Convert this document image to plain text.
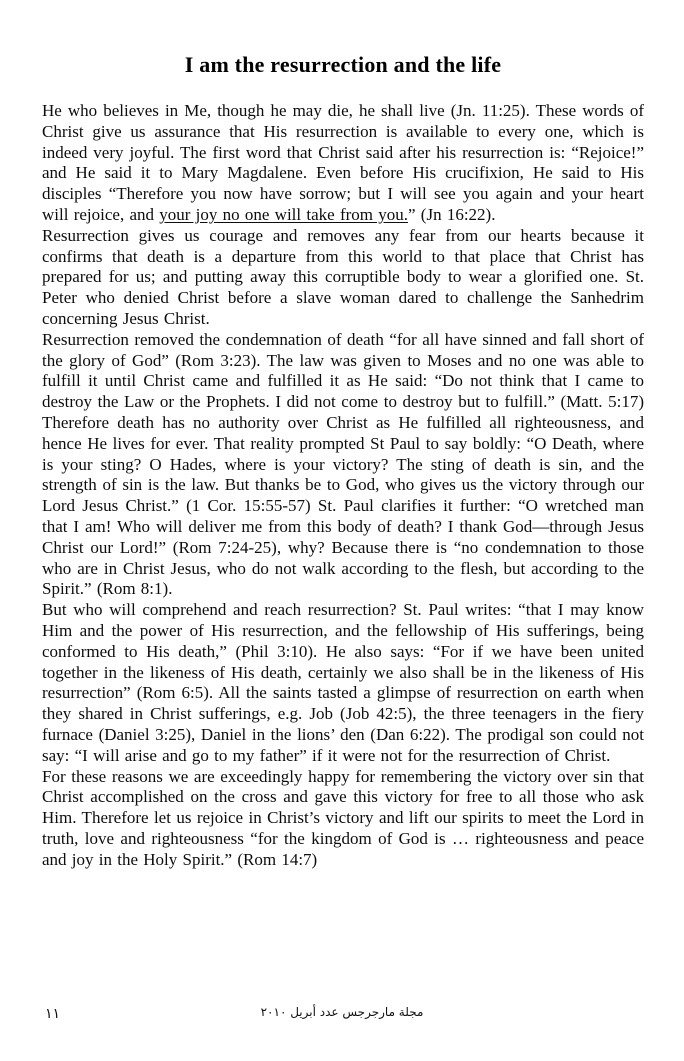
I am the resurrection and the life

He who believes in Me, though he may die, he shall live (Jn. 11:25). These words of Christ give us assurance that His resurrection is available to every one, which is indeed very joyful. The first word that Christ said after his resurrection is: “Rejoice!” and He said it to Mary Magdalene. Even before His crucifixion, He said to His disciples “Therefore you now have sorrow; but I will see you again and your heart will rejoice, and your joy no one will take from you.” (Jn 16:22).

Resurrection gives us courage and removes any fear from our hearts because it confirms that death is a departure from this world to that place that Christ has prepared for us; and putting away this corruptible body to wear a glorified one. St. Peter who denied Christ before a slave woman dared to challenge the Sanhedrim concerning Jesus Christ.

Resurrection removed the condemnation of death “for all have sinned and fall short of the glory of God” (Rom 3:23). The law was given to Moses and no one was able to fulfill it until Christ came and fulfilled it as He said: “Do not think that I came to destroy the Law or the Prophets. I did not come to destroy but to fulfill.” (Matt. 5:17) Therefore death has no authority over Christ as He fulfilled all righteousness, and hence He lives for ever. That reality prompted St Paul to say boldly: “O Death, where is your sting? O Hades, where is your victory? The sting of death is sin, and the strength of sin is the law. But thanks be to God, who gives us the victory through our Lord Jesus Christ.” (1 Cor. 15:55-57) St. Paul clarifies it further: “O wretched man that I am! Who will deliver me from this body of death? I thank God—through Jesus Christ our Lord!” (Rom 7:24-25), why? Because there is “no condemnation to those who are in Christ Jesus, who do not walk according to the flesh, but according to the Spirit.” (Rom 8:1).

But who will comprehend and reach resurrection? St. Paul writes: “that I may know Him and the power of His resurrection, and the fellowship of His sufferings, being conformed to His death,” (Phil 3:10). He also says: “For if we have been united together in the likeness of His death, certainly we also shall be in the likeness of His resurrection” (Rom 6:5). All the saints tasted a glimpse of resurrection on earth when they shared in Christ sufferings, e.g. Job (Job 42:5), the three teenagers in the fiery furnace (Daniel 3:25), Daniel in the lions’ den (Dan 6:22). The prodigal son could not say: “I will arise and go to my father” if it were not for the resurrection of Christ.

For these reasons we are exceedingly happy for remembering the victory over sin that Christ accomplished on the cross and gave this victory for free to all those who ask Him. Therefore let us rejoice in Christ’s victory and lift our spirits to meet the Lord in truth, love and righteousness “for the kingdom of God is … righteousness and peace and joy in the Holy Spirit.” (Rom 14:7)

١١	مجلة مارجرجس عدد أبريل ٢٠١٠
